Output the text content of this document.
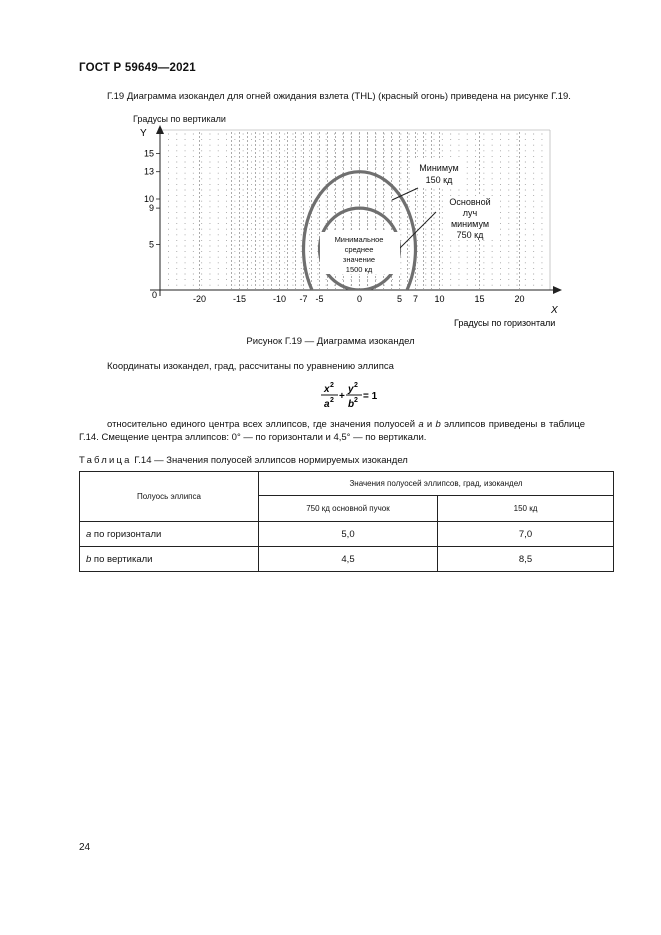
ГОСТ Р 59649—2021
Г.19 Диаграмма изокандел для огней ожидания взлета (THL) (красный огонь) приведена на рисунке Г.19.
Градусы по вертикали
Y
X
0
Градусы по горизонтали
-20	-15	-10 -7 -5	0	5 7 10	15	20
15
13
10
9
5
Минимум
150 кд
Основной
луч
минимум
750 кд
Минимальное
среднее
значение
1500 кд
Рисунок Г.19 — Диаграмма изокандел
Координаты изокандел, град, рассчитаны по уравнению эллипса
x 2
a 2 +
y 2
b 2 = 1
относительно единого центра всех эллипсов, где значения полуосей a и b эллипсов приведены в таблице Г.14. Смещение центра эллипсов: 0° — по горизонтали и 4,5° — по вертикали.
Таблица Г.14 — Значения полуосей эллипсов нормируемых изокандел
Полуось эллипса	Значения полуосей эллипсов, град, изокандел	
	750 кд основной пучок	150 кд
a по горизонтали	5,0	7,0
b по вертикали	4,5	8,5
24
